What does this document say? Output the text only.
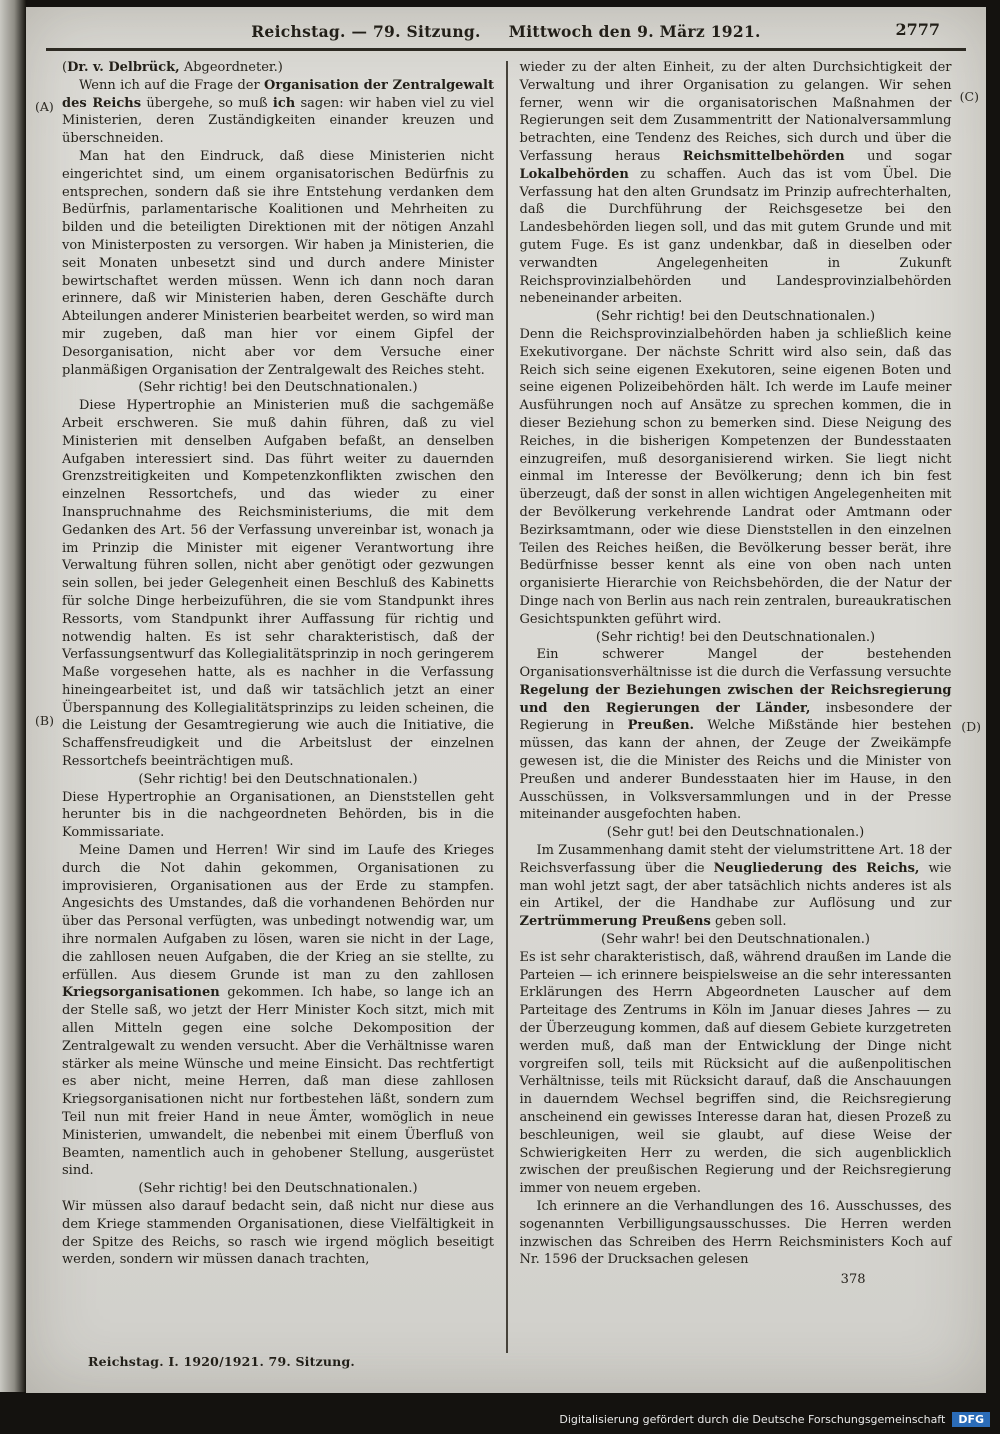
Reichstag. — 79. Sitzung. Mittwoch den 9. März 1921.	2777
(A)
(B)
(C)
(D)
(Dr. v. Delbrück, Abgeordneter.)
Wenn ich auf die Frage der Organisation der Zentralgewalt des Reichs übergehe, so muß ich sagen: wir haben viel zu viel Ministerien, deren Zuständigkeiten einander kreuzen und überschneiden.
Man hat den Eindruck, daß diese Ministerien nicht eingerichtet sind, um einem organisatorischen Bedürfnis zu entsprechen, sondern daß sie ihre Entstehung verdanken dem Bedürfnis, parlamentarische Koalitionen und Mehrheiten zu bilden und die beteiligten Direktionen mit der nötigen Anzahl von Ministerposten zu versorgen. Wir haben ja Ministerien, die seit Monaten unbesetzt sind und durch andere Minister bewirtschaftet werden müssen. Wenn ich dann noch daran erinnere, daß wir Ministerien haben, deren Geschäfte durch Abteilungen anderer Ministerien bearbeitet werden, so wird man mir zugeben, daß man hier vor einem Gipfel der Desorganisation, nicht aber vor dem Versuche einer planmäßigen Organisation der Zentralgewalt des Reiches steht.
(Sehr richtig! bei den Deutschnationalen.)
Diese Hypertrophie an Ministerien muß die sachgemäße Arbeit erschweren. Sie muß dahin führen, daß zu viel Ministerien mit denselben Aufgaben befaßt, an denselben Aufgaben interessiert sind. Das führt weiter zu dauernden Grenzstreitigkeiten und Kompetenzkonflikten zwischen den einzelnen Ressortchefs, und das wieder zu einer Inanspruchnahme des Reichsministeriums, die mit dem Gedanken des Art. 56 der Verfassung unvereinbar ist, wonach ja im Prinzip die Minister mit eigener Verantwortung ihre Verwaltung führen sollen, nicht aber genötigt oder gezwungen sein sollen, bei jeder Gelegenheit einen Beschluß des Kabinetts für solche Dinge herbeizuführen, die sie vom Standpunkt ihres Ressorts, vom Standpunkt ihrer Auffassung für richtig und notwendig halten. Es ist sehr charakteristisch, daß der Verfassungsentwurf das Kollegialitätsprinzip in noch geringerem Maße vorgesehen hatte, als es nachher in die Verfassung hineingearbeitet ist, und daß wir tatsächlich jetzt an einer Überspannung des Kollegialitätsprinzips zu leiden scheinen, die die Leistung der Gesamtregierung wie auch die Initiative, die Schaffensfreudigkeit und die Arbeitslust der einzelnen Ressortchefs beeinträchtigen muß.
(Sehr richtig! bei den Deutschnationalen.)
Diese Hypertrophie an Organisationen, an Dienststellen geht herunter bis in die nachgeordneten Behörden, bis in die Kommissariate.
Meine Damen und Herren! Wir sind im Laufe des Krieges durch die Not dahin gekommen, Organisationen zu improvisieren, Organisationen aus der Erde zu stampfen. Angesichts des Umstandes, daß die vorhandenen Behörden nur über das Personal verfügten, was unbedingt notwendig war, um ihre normalen Aufgaben zu lösen, waren sie nicht in der Lage, die zahllosen neuen Aufgaben, die der Krieg an sie stellte, zu erfüllen. Aus diesem Grunde ist man zu den zahllosen Kriegsorganisationen gekommen. Ich habe, so lange ich an der Stelle saß, wo jetzt der Herr Minister Koch sitzt, mich mit allen Mitteln gegen eine solche Dekomposition der Zentralgewalt zu wenden versucht. Aber die Verhältnisse waren stärker als meine Wünsche und meine Einsicht. Das rechtfertigt es aber nicht, meine Herren, daß man diese zahllosen Kriegsorganisationen nicht nur fortbestehen läßt, sondern zum Teil nun mit freier Hand in neue Ämter, womöglich in neue Ministerien, umwandelt, die nebenbei mit einem Überfluß von Beamten, namentlich auch in gehobener Stellung, ausgerüstet sind.
(Sehr richtig! bei den Deutschnationalen.)
Wir müssen also darauf bedacht sein, daß nicht nur diese aus dem Kriege stammenden Organisationen, diese Vielfältigkeit in der Spitze des Reichs, so rasch wie irgend möglich beseitigt werden, sondern wir müssen danach trachten,
wieder zu der alten Einheit, zu der alten Durchsichtigkeit der Verwaltung und ihrer Organisation zu gelangen. Wir sehen ferner, wenn wir die organisatorischen Maßnahmen der Regierungen seit dem Zusammentritt der Nationalversammlung betrachten, eine Tendenz des Reiches, sich durch und über die Verfassung heraus Reichsmittelbehörden und sogar Lokalbehörden zu schaffen. Auch das ist vom Übel. Die Verfassung hat den alten Grundsatz im Prinzip aufrechterhalten, daß die Durchführung der Reichsgesetze bei den Landesbehörden liegen soll, und das mit gutem Grunde und mit gutem Fuge. Es ist ganz undenkbar, daß in dieselben oder verwandten Angelegenheiten in Zukunft Reichsprovinzialbehörden und Landesprovinzialbehörden nebeneinander arbeiten.
(Sehr richtig! bei den Deutschnationalen.)
Denn die Reichsprovinzialbehörden haben ja schließlich keine Exekutivorgane. Der nächste Schritt wird also sein, daß das Reich sich seine eigenen Exekutoren, seine eigenen Boten und seine eigenen Polizeibehörden hält. Ich werde im Laufe meiner Ausführungen noch auf Ansätze zu sprechen kommen, die in dieser Beziehung schon zu bemerken sind. Diese Neigung des Reiches, in die bisherigen Kompetenzen der Bundesstaaten einzugreifen, muß desorganisierend wirken. Sie liegt nicht einmal im Interesse der Bevölkerung; denn ich bin fest überzeugt, daß der sonst in allen wichtigen Angelegenheiten mit der Bevölkerung verkehrende Landrat oder Amtmann oder Bezirksamtmann, oder wie diese Dienststellen in den einzelnen Teilen des Reiches heißen, die Bevölkerung besser berät, ihre Bedürfnisse besser kennt als eine von oben nach unten organisierte Hierarchie von Reichsbehörden, die der Natur der Dinge nach von Berlin aus nach rein zentralen, bureaukratischen Gesichtspunkten geführt wird.
(Sehr richtig! bei den Deutschnationalen.)
Ein schwerer Mangel der bestehenden Organisationsverhältnisse ist die durch die Verfassung versuchte Regelung der Beziehungen zwischen der Reichsregierung und den Regierungen der Länder, insbesondere der Regierung in Preußen. Welche Mißstände hier bestehen müssen, das kann der ahnen, der Zeuge der Zweikämpfe gewesen ist, die die Minister des Reichs und die Minister von Preußen und anderer Bundesstaaten hier im Hause, in den Ausschüssen, in Volksversammlungen und in der Presse miteinander ausgefochten haben.
(Sehr gut! bei den Deutschnationalen.)
Im Zusammenhang damit steht der vielumstrittene Art. 18 der Reichsverfassung über die Neugliederung des Reichs, wie man wohl jetzt sagt, der aber tatsächlich nichts anderes ist als ein Artikel, der die Handhabe zur Auflösung und zur Zertrümmerung Preußens geben soll.
(Sehr wahr! bei den Deutschnationalen.)
Es ist sehr charakteristisch, daß, während draußen im Lande die Parteien — ich erinnere beispielsweise an die sehr interessanten Erklärungen des Herrn Abgeordneten Lauscher auf dem Parteitage des Zentrums in Köln im Januar dieses Jahres — zu der Überzeugung kommen, daß auf diesem Gebiete kurzgetreten werden muß, daß man der Entwicklung der Dinge nicht vorgreifen soll, teils mit Rücksicht auf die außenpolitischen Verhältnisse, teils mit Rücksicht darauf, daß die Anschauungen in dauerndem Wechsel begriffen sind, die Reichsregierung anscheinend ein gewisses Interesse daran hat, diesen Prozeß zu beschleunigen, weil sie glaubt, auf diese Weise der Schwierigkeiten Herr zu werden, die sich augenblicklich zwischen der preußischen Regierung und der Reichsregierung immer von neuem ergeben.
Ich erinnere an die Verhandlungen des 16. Ausschusses, des sogenannten Verbilligungsausschusses. Die Herren werden inzwischen das Schreiben des Herrn Reichsministers Koch auf Nr. 1596 der Drucksachen gelesen
378
Reichstag. I. 1920/1921. 79. Sitzung.
Digitalisierung gefördert durch die Deutsche Forschungsgemeinschaft	DFG
